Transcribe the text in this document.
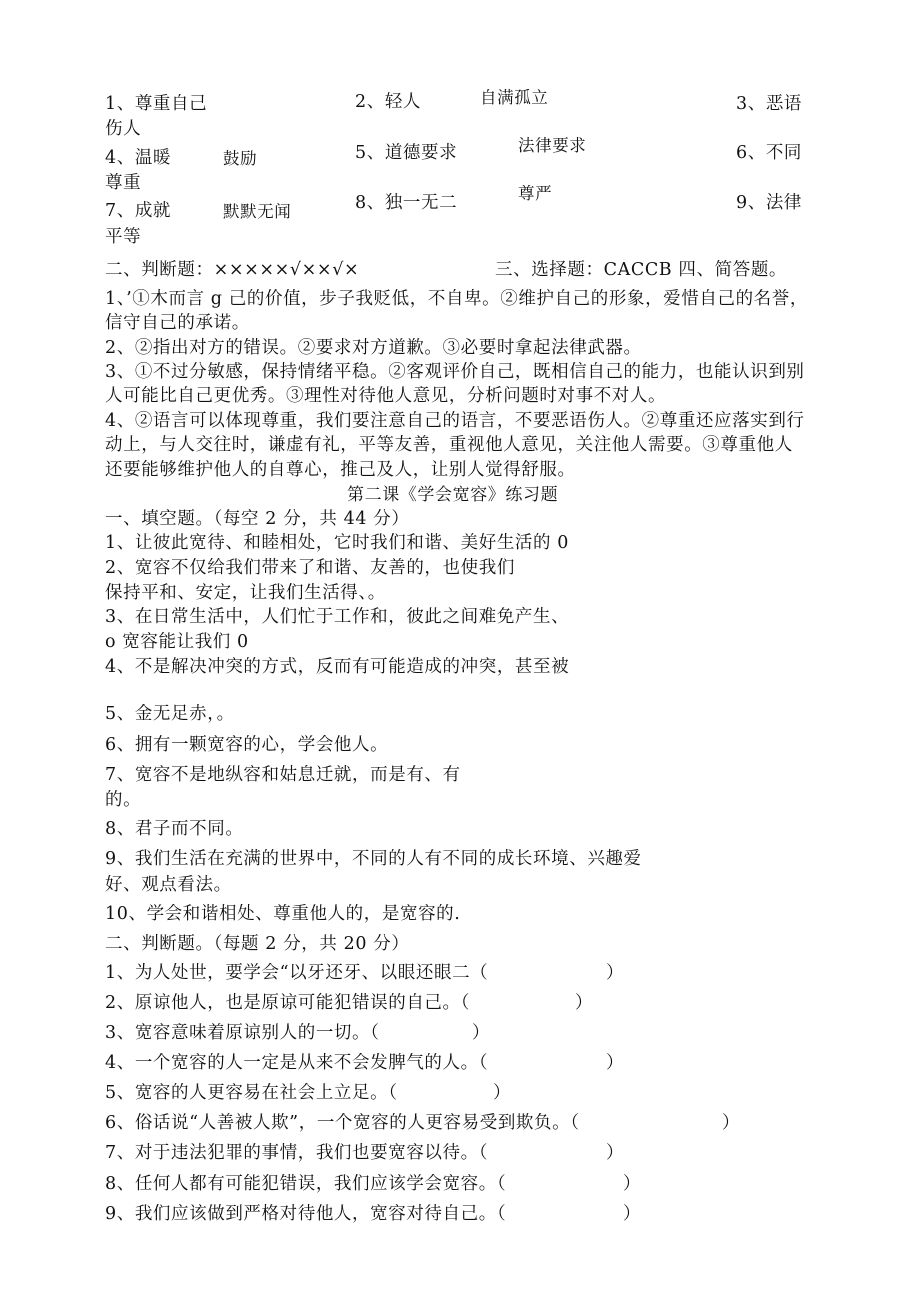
1、尊重自己	2、轻人	自满孤立	3、恶语
伤人
4、温暖	鼓励	5、道德要求	法律要求	6、不同
尊重
7、成就	默默无闻	8、独一无二	尊严	9、法律
平等
二、判断题：×××××√××√×	三、选择题：CACCB 四、简答题。
1、’①木而言 g 己的价值，步子我贬低，不自卑。②维护自己的形象，爱惜自己的名誉，
信守自己的承诺。
2、②指出对方的错误。②要求对方道歉。③必要时拿起法律武器。
3、①不过分敏感，保持情绪平稳。②客观评价自己，既相信自己的能力，也能认识到别
人可能比自己更优秀。③理性对待他人意见，分析问题时对事不对人。
4、②语言可以体现尊重，我们要注意自己的语言，不要恶语伤人。②尊重还应落实到行
动上，与人交往时，谦虚有礼，平等友善，重视他人意见，关注他人需要。③尊重他人
还要能够维护他人的自尊心，推己及人，让别人觉得舒服。
第二课《学会宽容》练习题
一、填空题。（每空 2 分，共 44 分）
1、让彼此宽待、和睦相处，它时我们和谐、美好生活的 0
2、宽容不仅给我们带来了和谐、友善的，也使我们
保持平和、安定，让我们生活得、。
3、在日常生活中，人们忙于工作和，彼此之间难免产生、
o 宽容能让我们 0
4、不是解决冲突的方式，反而有可能造成的冲突，甚至被
5、金无足赤，。
6、拥有一颗宽容的心，学会他人。
7、宽容不是地纵容和姑息迁就，而是有、有
的。
8、君子而不同。
9、我们生活在充满的世界中，不同的人有不同的成长环境、兴趣爱
好、观点看法。
10、学会和谐相处、尊重他人的，是宽容的.
二、判断题。（每题 2 分，共 20 分）
1、为人处世，要学会“以牙还牙、以眼还眼二（	）
2、原谅他人，也是原谅可能犯错误的自己。（	）
3、宽容意味着原谅别人的一切。（	）
4、一个宽容的人一定是从来不会发脾气的人。（	）
5、宽容的人更容易在社会上立足。（	）
6、俗话说“人善被人欺”，一个宽容的人更容易受到欺负。（	）
7、对于违法犯罪的事情，我们也要宽容以待。（	）
8、任何人都有可能犯错误，我们应该学会宽容。（	）
9、我们应该做到严格对待他人，宽容对待自己。（	）
